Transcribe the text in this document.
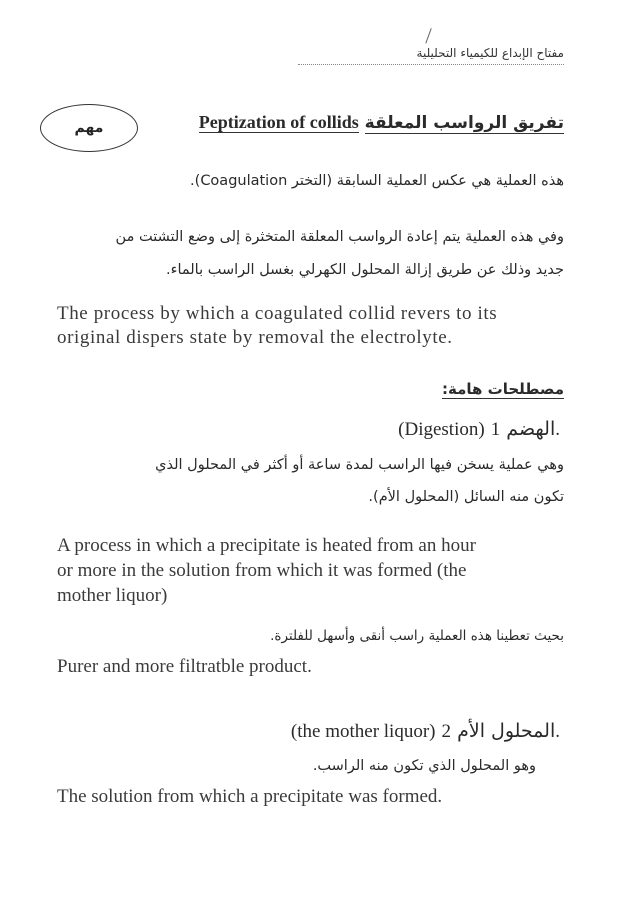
مفتاح الإبداع للكيمياء التحليلية
مهم	Peptization of collids تفريق الرواسب المعلقة
هذه العملية هي عكس العملية السابقة (التختر Coagulation).
وفي هذه العملية يتم إعادة الرواسب المعلقة المتخثرة إلى وضع التشتت من
جديد وذلك عن طريق إزالة المحلول الكهرلي بغسل الراسب بالماء.
The process by which a coagulated collid revers to its
original dispers state by removal the electrolyte.
مصطلحات هامة:
(Digestion) الهضم 1.
وهي عملية يسخن فيها الراسب لمدة ساعة أو أكثر في المحلول الذي
تكون منه السائل (المحلول الأم).
A process in which a precipitate is heated from an hour
or more in the solution from which it was formed (the
mother liquor)
بحيث تعطينا هذه العملية راسب أنقى وأسهل للفلترة.
Purer and more filtratble product.
(the mother liquor) المحلول الأم 2.
وهو المحلول الذي تكون منه الراسب.
The solution from which a precipitate was formed.
